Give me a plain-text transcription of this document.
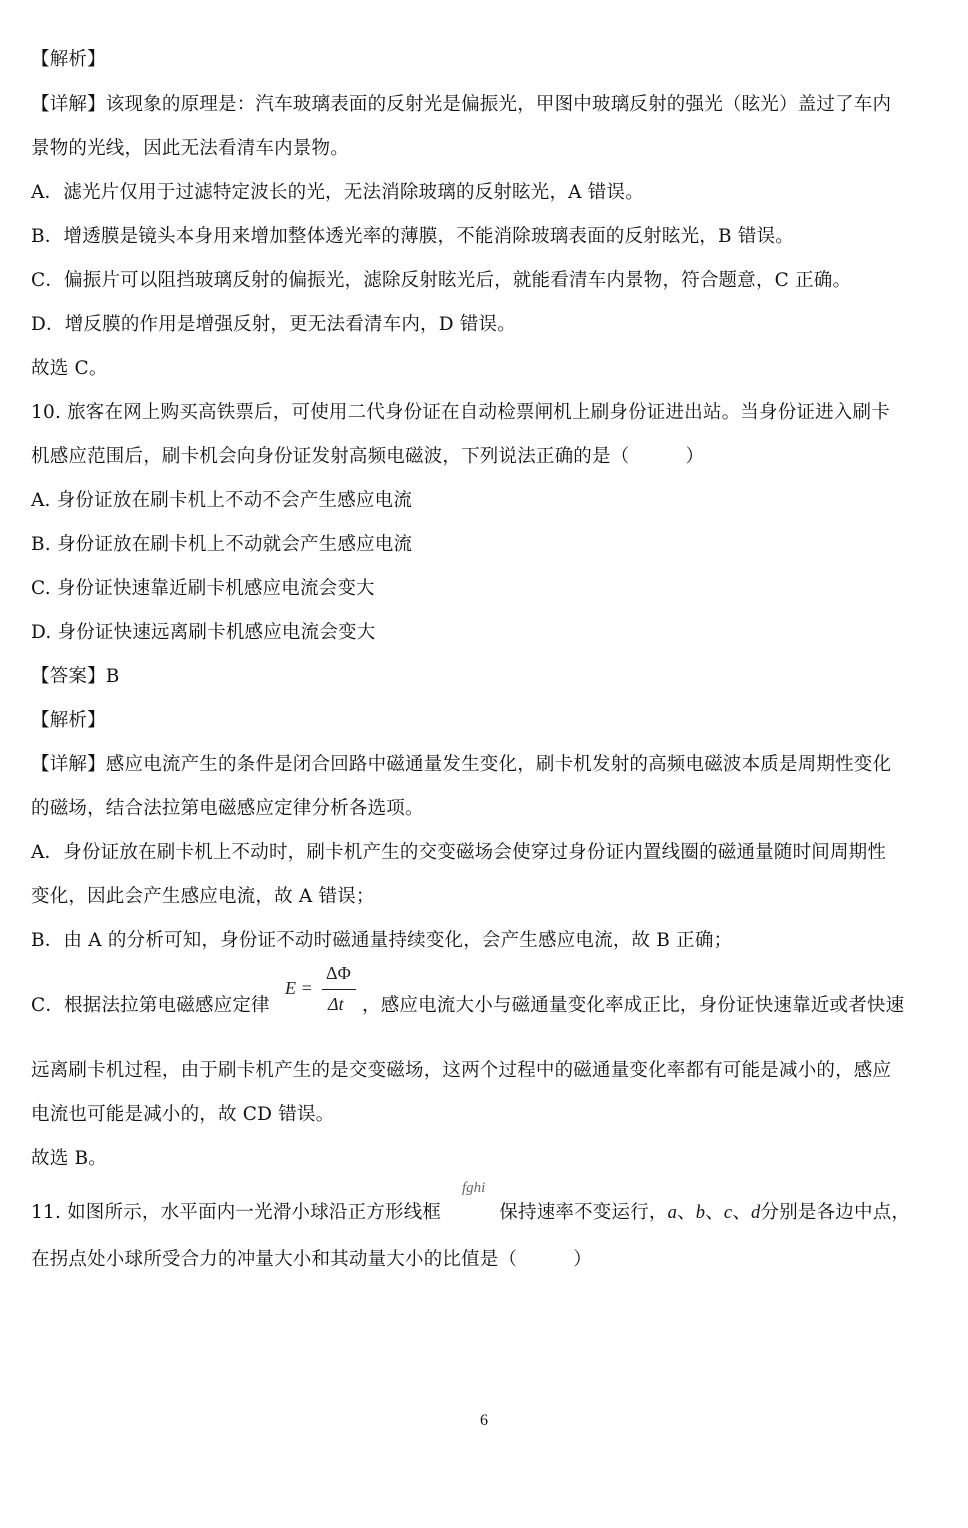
【解析】
【详解】该现象的原理是：汽车玻璃表面的反射光是偏振光，甲图中玻璃反射的强光（眩光）盖过了车内
景物的光线，因此无法看清车内景物。
A．滤光片仅用于过滤特定波长的光，无法消除玻璃的反射眩光，A 错误。
B．增透膜是镜头本身用来增加整体透光率的薄膜，不能消除玻璃表面的反射眩光，B 错误。
C．偏振片可以阻挡玻璃反射的偏振光，滤除反射眩光后，就能看清车内景物，符合题意，C 正确。
D．增反膜的作用是增强反射，更无法看清车内，D 错误。
故选 C。
10. 旅客在网上购买高铁票后，可使用二代身份证在自动检票闸机上刷身份证进出站。当身份证进入刷卡
机感应范围后，刷卡机会向身份证发射高频电磁波，下列说法正确的是（　　　）
A. 身份证放在刷卡机上不动不会产生感应电流
B. 身份证放在刷卡机上不动就会产生感应电流
C. 身份证快速靠近刷卡机感应电流会变大
D. 身份证快速远离刷卡机感应电流会变大
【答案】B
【解析】
【详解】感应电流产生的条件是闭合回路中磁通量发生变化，刷卡机发射的高频电磁波本质是周期性变化
的磁场，结合法拉第电磁感应定律分析各选项。
A．身份证放在刷卡机上不动时，刷卡机产生的交变磁场会使穿过身份证内置线圈的磁通量随时间周期性
变化，因此会产生感应电流，故 A 错误；
B．由 A 的分析可知，身份证不动时磁通量持续变化，会产生感应电流，故 B 正确；
C．根据法拉第电磁感应定律
E =
ΔΦ
Δt ，感应电流大小与磁通量变化率成正比，身份证快速靠近或者快速
远离刷卡机过程，由于刷卡机产生的是交变磁场，这两个过程中的磁通量变化率都有可能是减小的，感应
电流也可能是减小的，故 CD 错误。
故选 B。
11. 如图所示，水平面内一光滑小球沿正方形线框	保持速率不变运行，a、b、c、d分别是各边中点，
fghi
在拐点处小球所受合力的冲量大小和其动量大小的比值是（　　　）
6
